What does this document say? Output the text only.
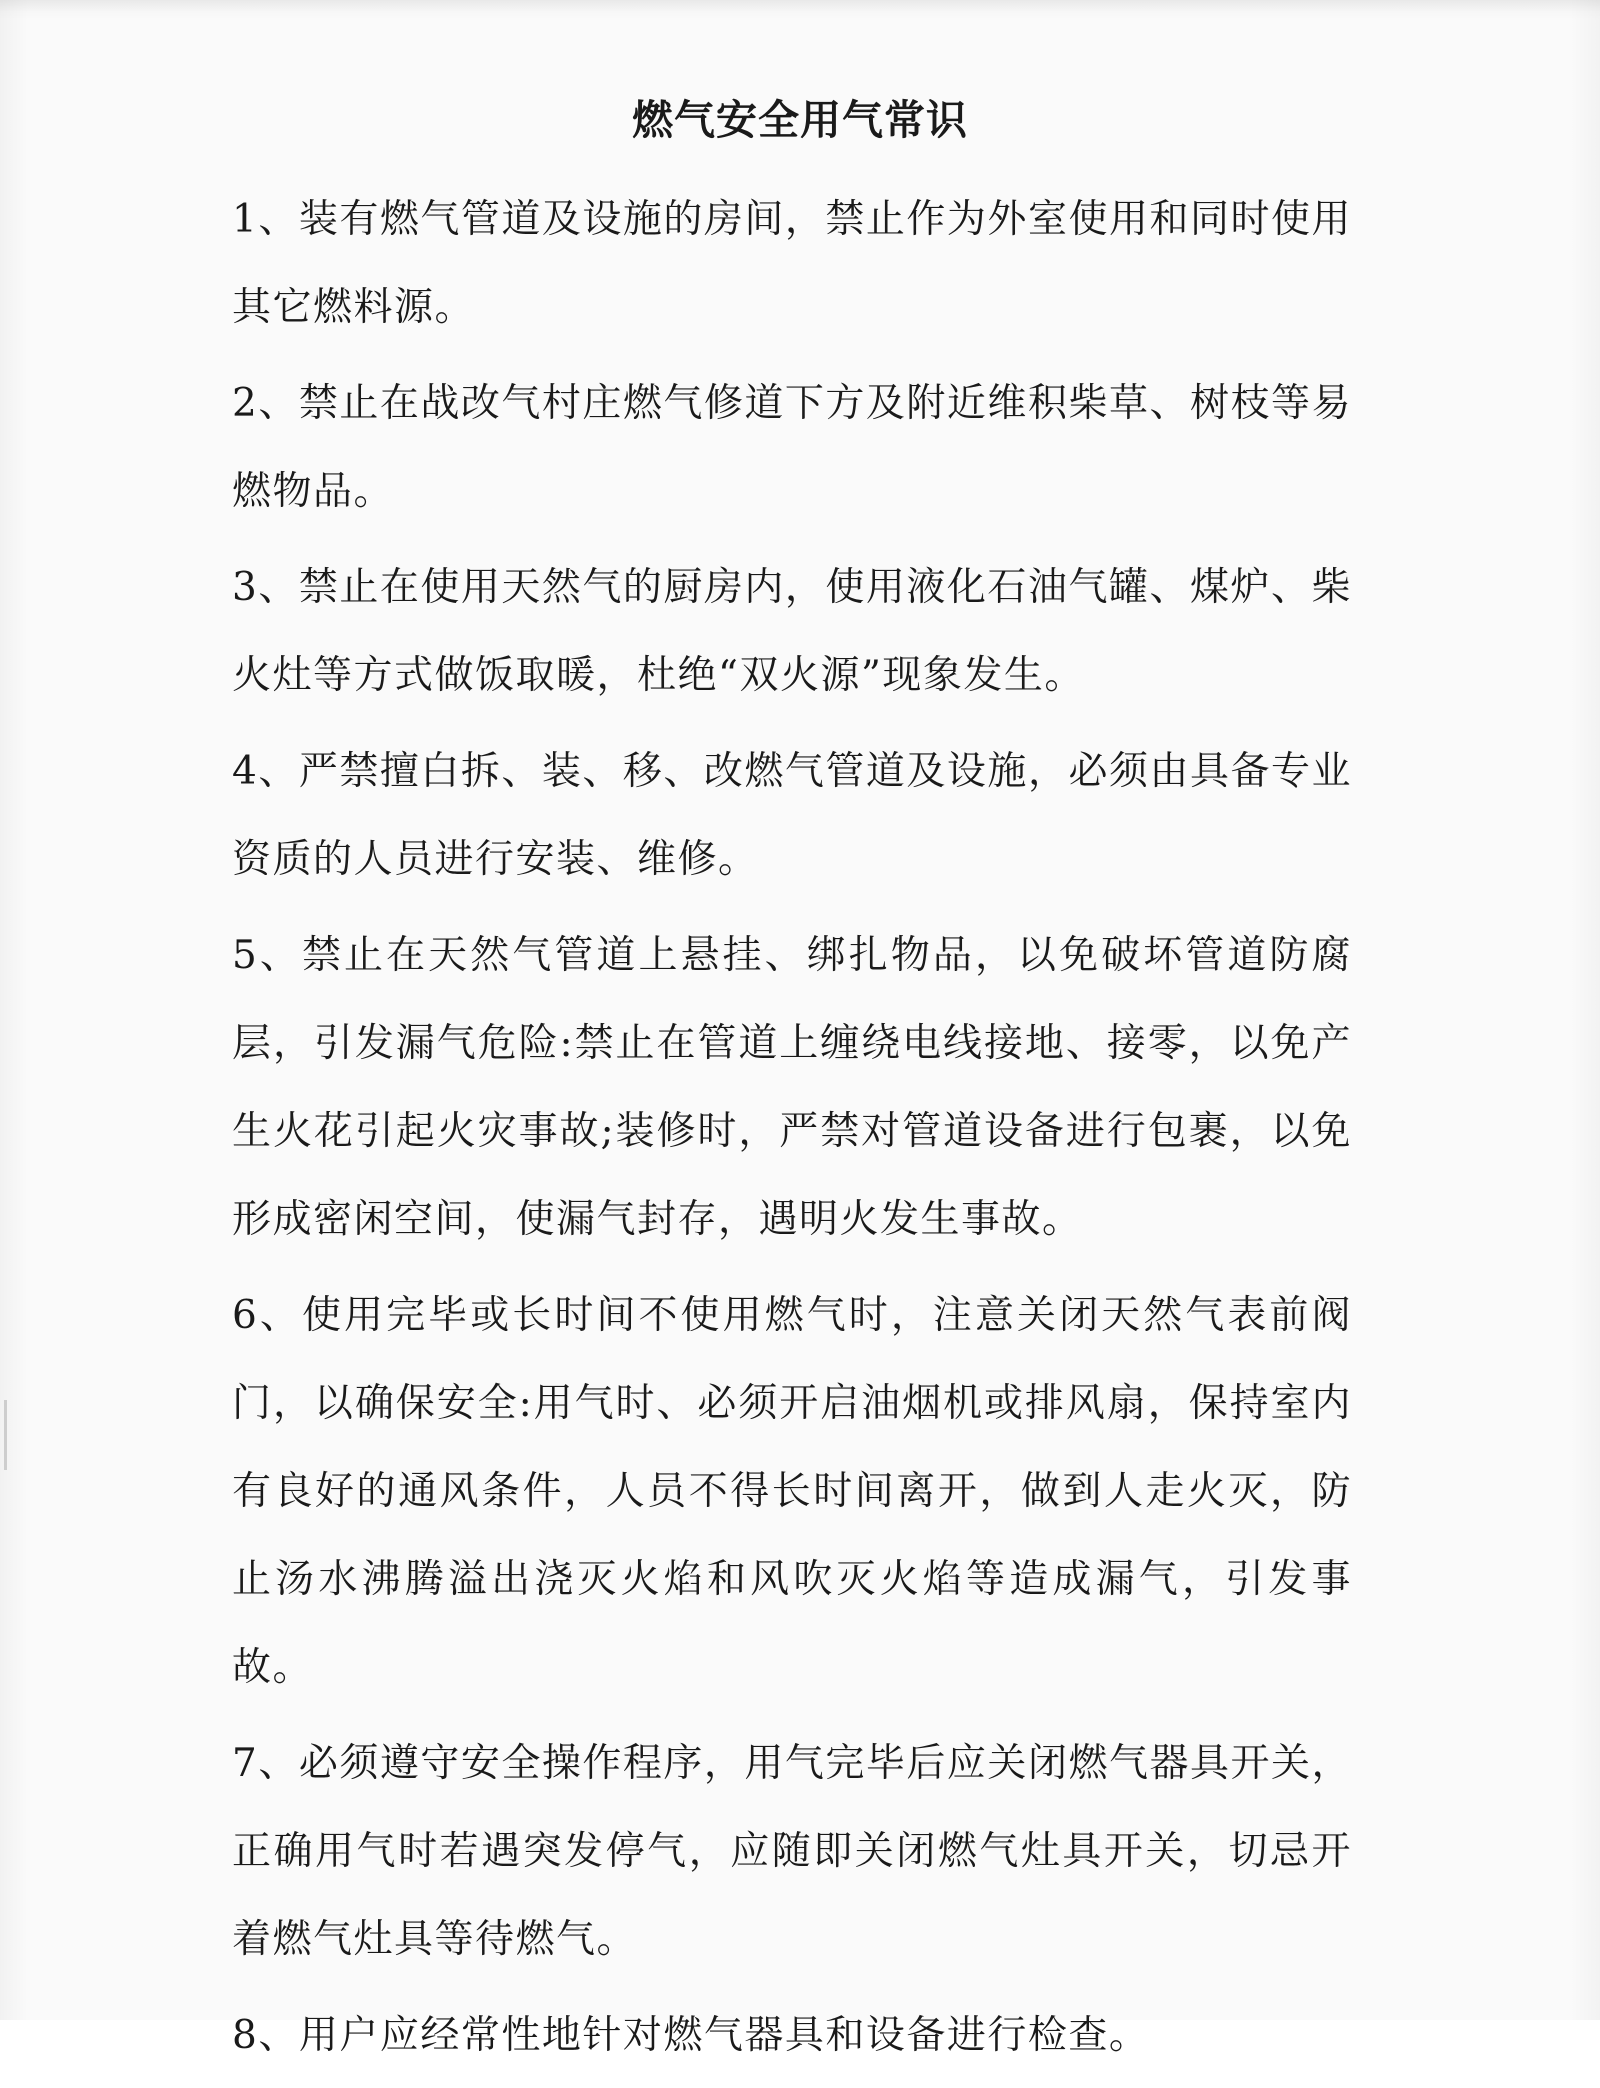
燃气安全用气常识

1、装有燃气管道及设施的房间，禁止作为外室使用和同时使用其它燃料源。

2、禁止在战改气村庄燃气修道下方及附近维积柴草、树枝等易燃物品。

3、禁止在使用天然气的厨房内，使用液化石油气罐、煤炉、柴火灶等方式做饭取暖，杜绝“双火源”现象发生。

4、严禁擅白拆、装、移、改燃气管道及设施，必须由具备专业资质的人员进行安装、维修。

5、禁止在天然气管道上悬挂、绑扎物品，以免破坏管道防腐层，引发漏气危险:禁止在管道上缠绕电线接地、接零，以免产生火花引起火灾事故;装修时，严禁对管道设备进行包裹，以免形成密闲空间，使漏气封存，遇明火发生事故。

6、使用完毕或长时间不使用燃气时，注意关闭天然气表前阀门，以确保安全:用气时、必须开启油烟机或排风扇，保持室内有良好的通风条件，人员不得长时间离开，做到人走火灭，防止汤水沸腾溢出浇灭火焰和风吹灭火焰等造成漏气，引发事故。

7、必须遵守安全操作程序，用气完毕后应关闭燃气器具开关，正确用气时若遇突发停气，应随即关闭燃气灶具开关，切忌开着燃气灶具等待燃气。

8、用户应经常性地针对燃气器具和设备进行检查。
